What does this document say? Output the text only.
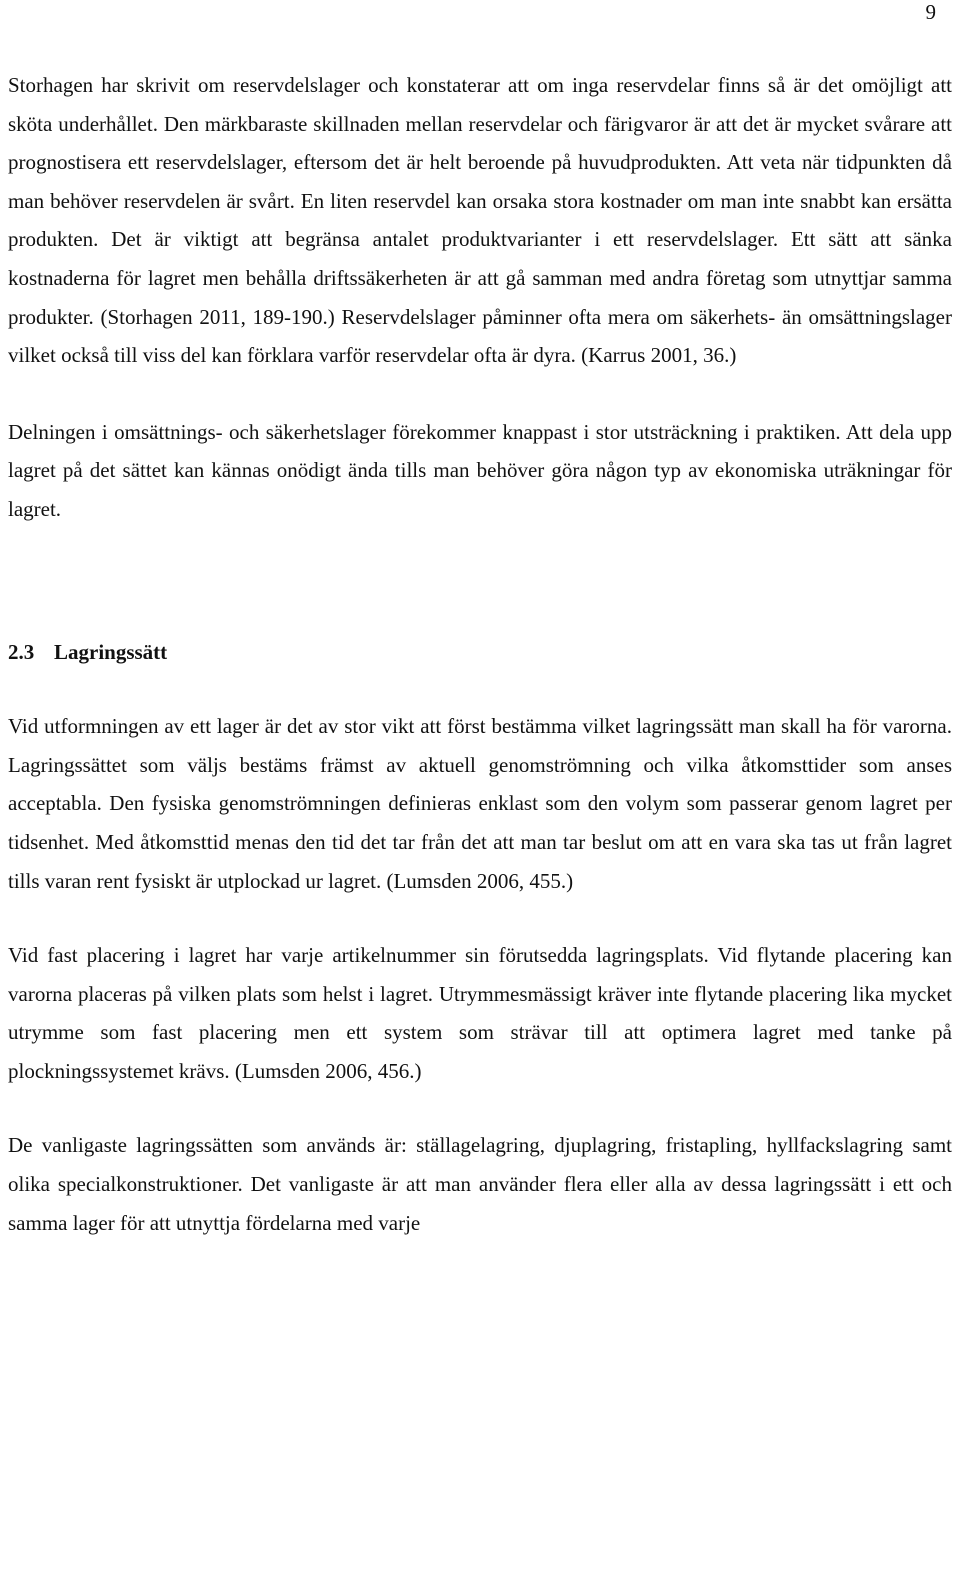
9

Storhagen har skrivit om reservdelslager och konstaterar att om inga reservdelar finns så är det omöjligt att sköta underhållet. Den märkbaraste skillnaden mellan reservdelar och färigvaror är att det är mycket svårare att prognostisera ett reservdelslager, eftersom det är helt beroende på huvudprodukten. Att veta när tidpunkten då man behöver reservdelen är svårt. En liten reservdel kan orsaka stora kostnader om man inte snabbt kan ersätta produkten. Det är viktigt att begränsa antalet produktvarianter i ett reservdelslager. Ett sätt att sänka kostnaderna för lagret men behålla driftssäkerheten är att gå samman med andra företag som utnyttjar samma produkter. (Storhagen 2011, 189-190.) Reservdelslager påminner ofta mera om säkerhets- än omsättningslager vilket också till viss del kan förklara varför reservdelar ofta är dyra. (Karrus 2001, 36.)

Delningen i omsättnings- och säkerhetslager förekommer knappast i stor utsträckning i praktiken. Att dela upp lagret på det sättet kan kännas onödigt ända tills man behöver göra någon typ av ekonomiska uträkningar för lagret.

2.3 Lagringssätt

Vid utformningen av ett lager är det av stor vikt att först bestämma vilket lagringssätt man skall ha för varorna. Lagringssättet som väljs bestäms främst av aktuell genomströmning och vilka åtkomsttider som anses acceptabla. Den fysiska genomströmningen definieras enklast som den volym som passerar genom lagret per tidsenhet. Med åtkomsttid menas den tid det tar från det att man tar beslut om att en vara ska tas ut från lagret tills varan rent fysiskt är utplockad ur lagret. (Lumsden 2006, 455.)

Vid fast placering i lagret har varje artikelnummer sin förutsedda lagringsplats. Vid flytande placering kan varorna placeras på vilken plats som helst i lagret. Utrymmesmässigt kräver inte flytande placering lika mycket utrymme som fast placering men ett system som strävar till att optimera lagret med tanke på plockningssystemet krävs. (Lumsden 2006, 456.)

De vanligaste lagringssätten som används är: ställagelagring, djuplagring, fristapling, hyllfackslagring samt olika specialkonstruktioner. Det vanligaste är att man använder flera eller alla av dessa lagringssätt i ett och samma lager för att utnyttja fördelarna med varje
